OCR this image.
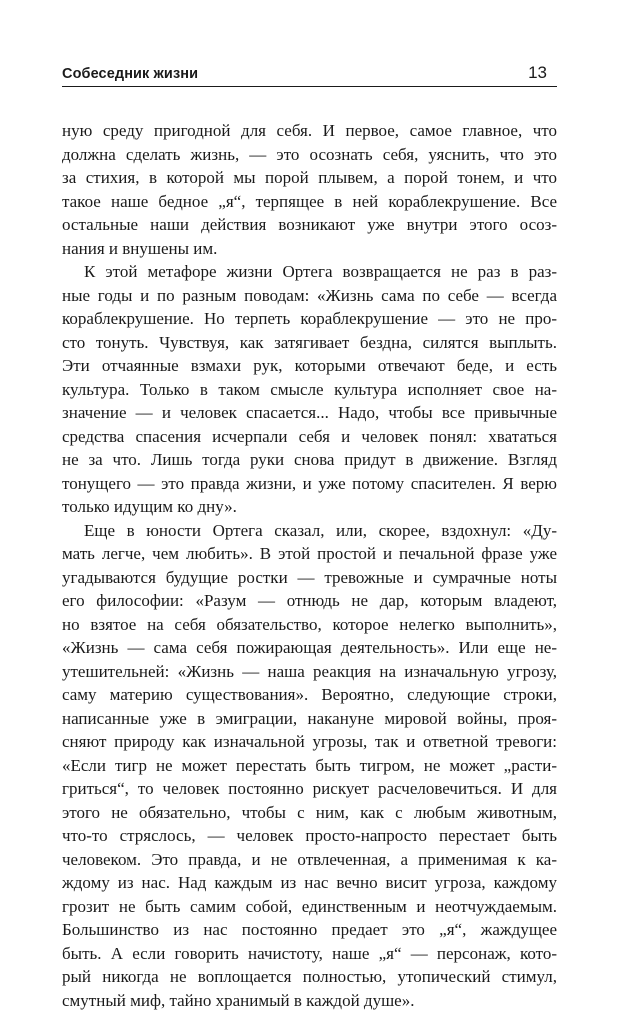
Собеседник жизни	13
ную среду пригодной для себя. И первое, самое главное, что
должна сделать жизнь, — это осознать себя, уяснить, что это
за стихия, в которой мы порой плывем, а порой тонем, и что
такое наше бедное „я“, терпящее в ней кораблекрушение. Все
остальные наши действия возникают уже внутри этого осоз-
нания и внушены им.
К этой метафоре жизни Ортега возвращается не раз в раз-
ные годы и по разным поводам: «Жизнь сама по себе — всегда
кораблекрушение. Но терпеть кораблекрушение — это не про-
сто тонуть. Чувствуя, как затягивает бездна, силятся выплыть.
Эти отчаянные взмахи рук, которыми отвечают беде, и есть
культура. Только в таком смысле культура исполняет свое на-
значение — и человек спасается... Надо, чтобы все привычные
средства спасения исчерпали себя и человек понял: хвататься
не за что. Лишь тогда руки снова придут в движение. Взгляд
тонущего — это правда жизни, и уже потому спасителен. Я верю
только идущим ко дну».
Еще в юности Ортега сказал, или, скорее, вздохнул: «Ду-
мать легче, чем любить». В этой простой и печальной фразе уже
угадываются будущие ростки — тревожные и сумрачные ноты
его философии: «Разум — отнюдь не дар, которым владеют,
но взятое на себя обязательство, которое нелегко выполнить»,
«Жизнь — сама себя пожирающая деятельность». Или еще не-
утешительней: «Жизнь — наша реакция на изначальную угрозу,
саму материю существования». Вероятно, следующие строки,
написанные уже в эмиграции, накануне мировой войны, проя-
сняют природу как изначальной угрозы, так и ответной тревоги:
«Если тигр не может перестать быть тигром, не может „расти-
гриться“, то человек постоянно рискует расчеловечиться. И для
этого не обязательно, чтобы с ним, как с любым животным,
что-то стряслось, — человек просто-напросто перестает быть
человеком. Это правда, и не отвлеченная, а применимая к ка-
ждому из нас. Над каждым из нас вечно висит угроза, каждому
грозит не быть самим собой, единственным и неотчуждаемым.
Большинство из нас постоянно предает это „я“, жаждущее
быть. А если говорить начистоту, наше „я“ — персонаж, кото-
рый никогда не воплощается полностью, утопический стимул,
смутный миф, тайно хранимый в каждой душе».
